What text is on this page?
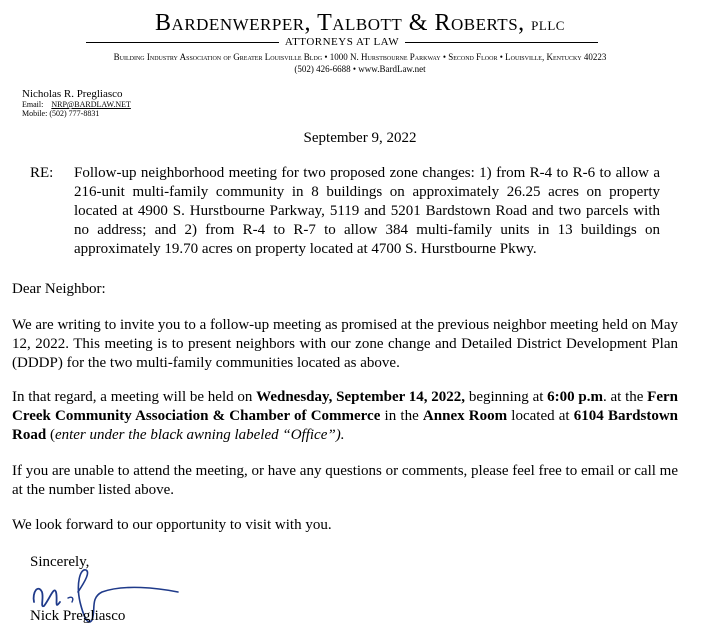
Bardenwerper, Talbott & Roberts, PLLC
ATTORNEYS AT LAW
Building Industry Association of Greater Louisville Bldg • 1000 N. Hurstbourne Parkway • Second Floor • Louisville, Kentucky 40223
(502) 426-6688 • www.BardLaw.net
Nicholas R. Pregliasco
Email: NRP@BARDLAW.NET
Mobile: (502) 777-8831
September 9, 2022
RE:	Follow-up neighborhood meeting for two proposed zone changes: 1) from R-4 to R-6 to allow a 216-unit multi-family community in 8 buildings on approximately 26.25 acres on property located at 4900 S. Hurstbourne Parkway, 5119 and 5201 Bardstown Road and two parcels with no address; and 2) from R-4 to R-7 to allow 384 multi-family units in 13 buildings on approximately 19.70 acres on property located at 4700 S. Hurstbourne Pkwy.
Dear Neighbor:
We are writing to invite you to a follow-up meeting as promised at the previous neighbor meeting held on May 12, 2022. This meeting is to present neighbors with our zone change and Detailed District Development Plan (DDDP) for the two multi-family communities located as above.
In that regard, a meeting will be held on Wednesday, September 14, 2022, beginning at 6:00 p.m. at the Fern Creek Community Association & Chamber of Commerce in the Annex Room located at 6104 Bardstown Road (enter under the black awning labeled “Office”).
If you are unable to attend the meeting, or have any questions or comments, please feel free to email or call me at the number listed above.
We look forward to our opportunity to visit with you.
Sincerely,
Nick Pregliasco
